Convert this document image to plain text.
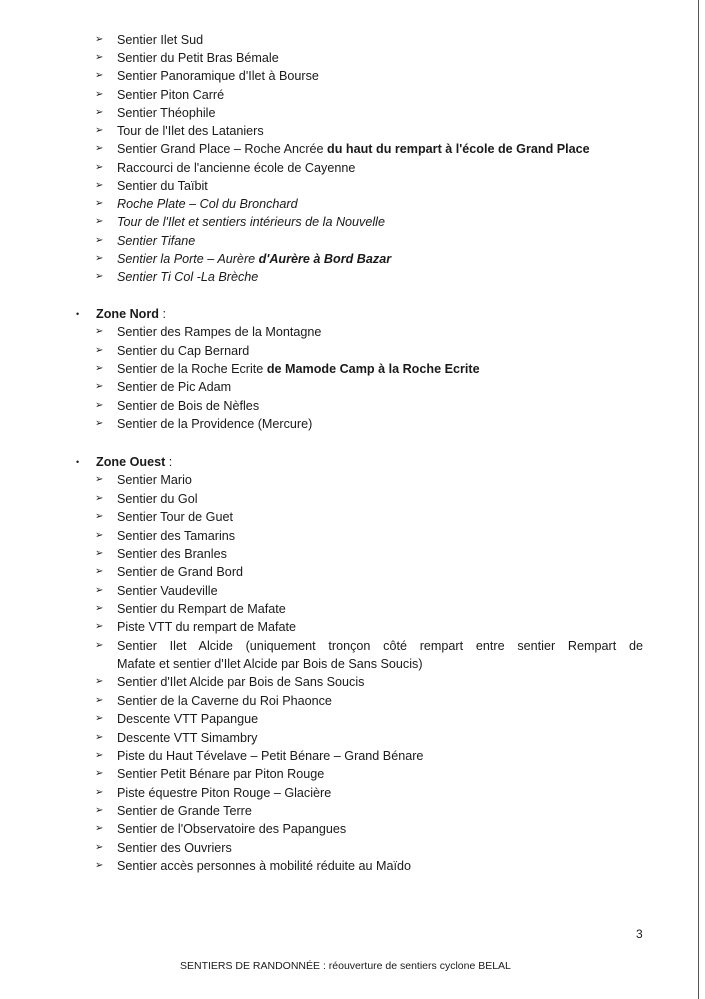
➢ Sentier Ilet Sud
➢ Sentier du Petit Bras Bémale
➢ Sentier Panoramique d'Ilet à Bourse
➢ Sentier Piton Carré
➢ Sentier Théophile
➢ Tour de l'Ilet des Lataniers
➢ Sentier Grand Place – Roche Ancrée du haut du rempart à l'école de Grand Place
➢ Raccourci de l'ancienne école de Cayenne
➢ Sentier du Taïbit
➢ Roche Plate – Col du Bronchard
➢ Tour de l'Ilet et sentiers intérieurs de la Nouvelle
➢ Sentier Tifane
➢ Sentier la Porte – Aurère d'Aurère à Bord Bazar
➢ Sentier Ti Col -La Brèche
• Zone Nord :
➢ Sentier des Rampes de la Montagne
➢ Sentier du Cap Bernard
➢ Sentier de la Roche Ecrite de Mamode Camp à la Roche Ecrite
➢ Sentier de Pic Adam
➢ Sentier de Bois de Nèfles
➢ Sentier de la Providence (Mercure)
• Zone Ouest :
➢ Sentier Mario
➢ Sentier du Gol
➢ Sentier Tour de Guet
➢ Sentier des Tamarins
➢ Sentier des Branles
➢ Sentier de Grand Bord
➢ Sentier Vaudeville
➢ Sentier du Rempart de Mafate
➢ Piste VTT du rempart de Mafate
➢ Sentier Ilet Alcide (uniquement tronçon côté rempart entre sentier Rempart de
Mafate et sentier d'Ilet Alcide par Bois de Sans Soucis)
➢ Sentier d'Ilet Alcide par Bois de Sans Soucis
➢ Sentier de la Caverne du Roi Phaonce
➢ Descente VTT Papangue
➢ Descente VTT Simambry
➢ Piste du Haut Tévelave – Petit Bénare – Grand Bénare
➢ Sentier Petit Bénare par Piton Rouge
➢ Piste équestre Piton Rouge – Glacière
➢ Sentier de Grande Terre
➢ Sentier de l'Observatoire des Papangues
➢ Sentier des Ouvriers
➢ Sentier accès personnes à mobilité réduite au Maïdo
3
SENTIERS DE RANDONNÉE : réouverture de sentiers cyclone BELAL
